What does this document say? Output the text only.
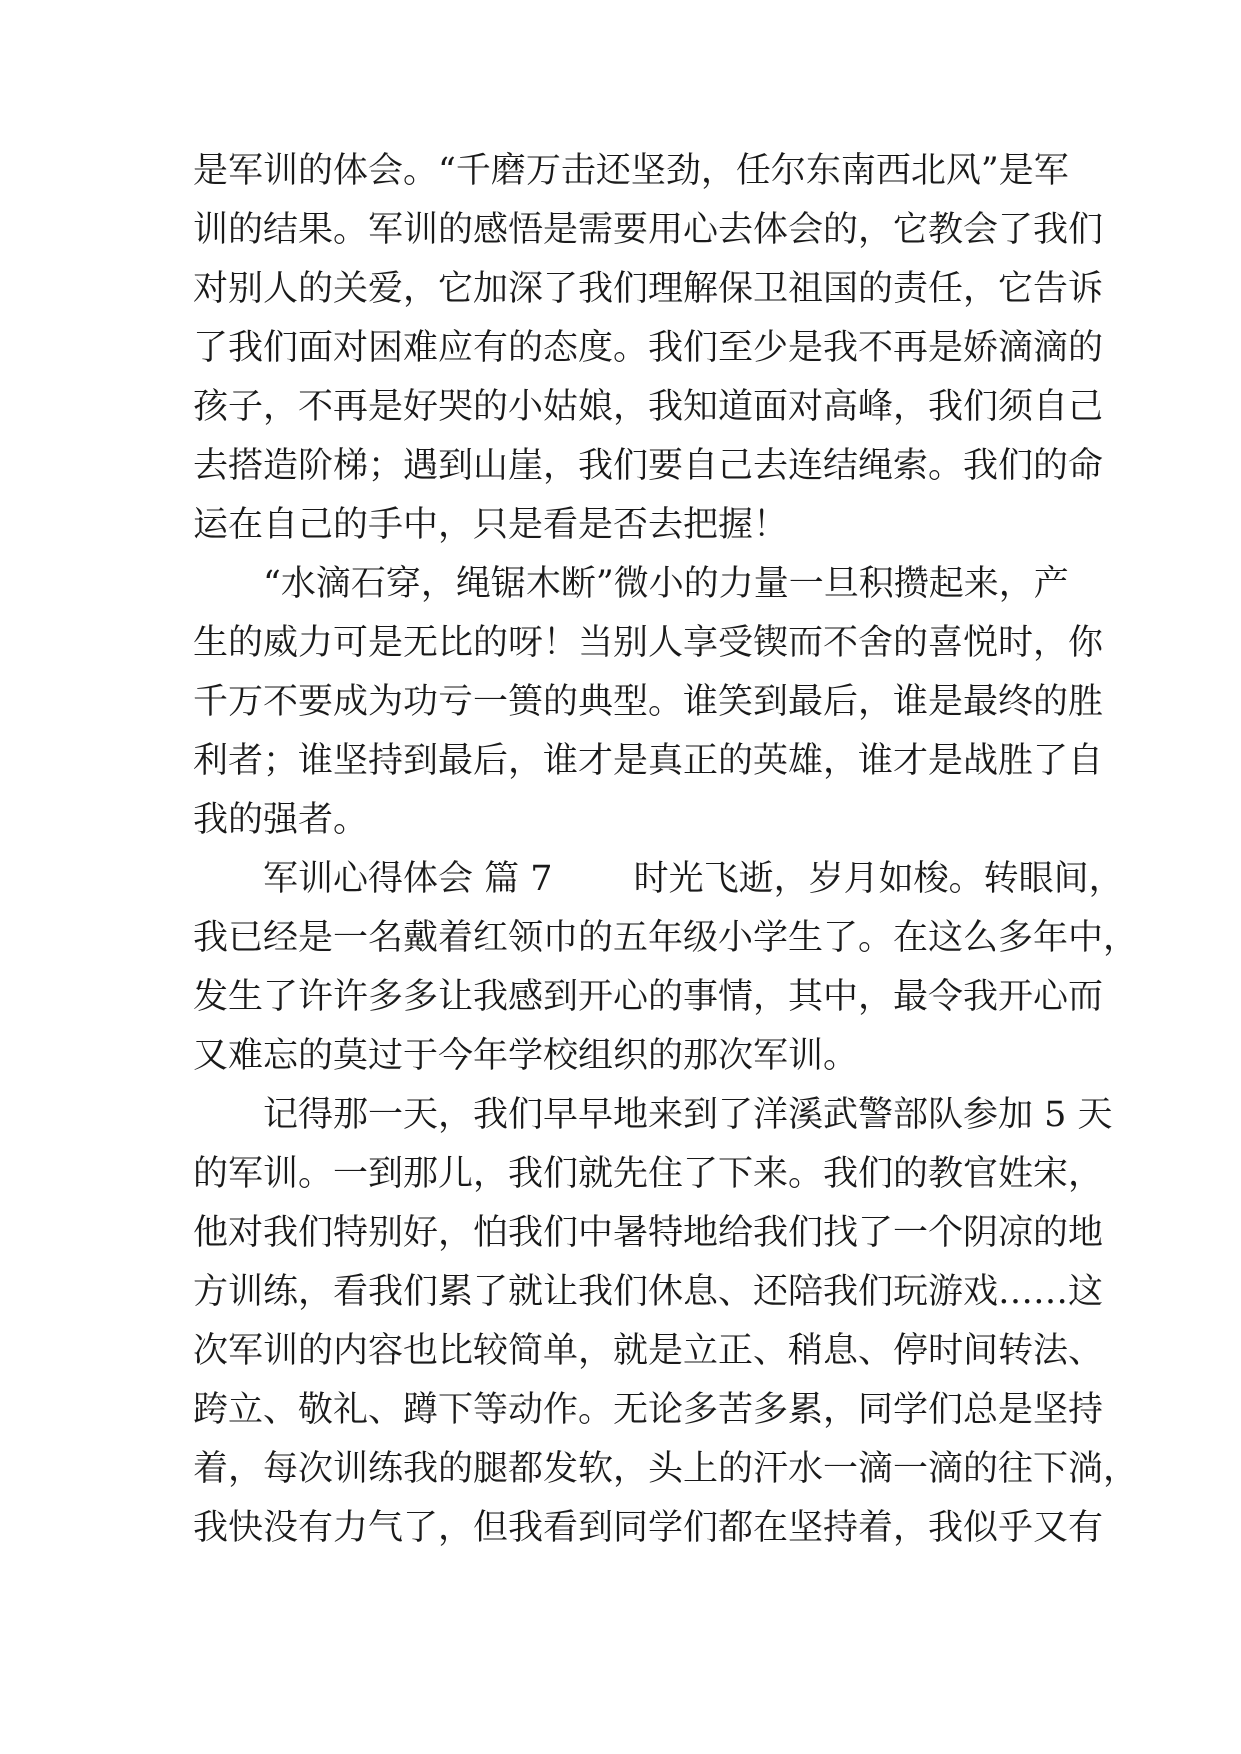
是军训的体会。“千磨万击还坚劲，任尔东南西北风”是军

训的结果。军训的感悟是需要用心去体会的，它教会了我们

对别人的关爱，它加深了我们理解保卫祖国的责任，它告诉

了我们面对困难应有的态度。我们至少是我不再是娇滴滴的

孩子，不再是好哭的小姑娘，我知道面对高峰，我们须自己

去搭造阶梯；遇到山崖，我们要自己去连结绳索。我们的命

运在自己的手中，只是看是否去把握！

　　“水滴石穿，绳锯木断”微小的力量一旦积攒起来，产

生的威力可是无比的呀！当别人享受锲而不舍的喜悦时，你

千万不要成为功亏一篑的典型。谁笑到最后，谁是最终的胜

利者；谁坚持到最后，谁才是真正的英雄，谁才是战胜了自

我的强者。

　　军训心得体会 篇 7　　 时光飞逝，岁月如梭。转眼间，

我已经是一名戴着红领巾的五年级小学生了。在这么多年中，

发生了许许多多让我感到开心的事情，其中，最令我开心而

又难忘的莫过于今年学校组织的那次军训。

　　记得那一天，我们早早地来到了洋溪武警部队参加 5 天

的军训。一到那儿，我们就先住了下来。我们的教官姓宋，

他对我们特别好，怕我们中暑特地给我们找了一个阴凉的地

方训练，看我们累了就让我们休息、还陪我们玩游戏……这

次军训的内容也比较简单，就是立正、稍息、停时间转法、

跨立、敬礼、蹲下等动作。无论多苦多累，同学们总是坚持

着，每次训练我的腿都发软，头上的汗水一滴一滴的往下淌，

我快没有力气了，但我看到同学们都在坚持着，我似乎又有
